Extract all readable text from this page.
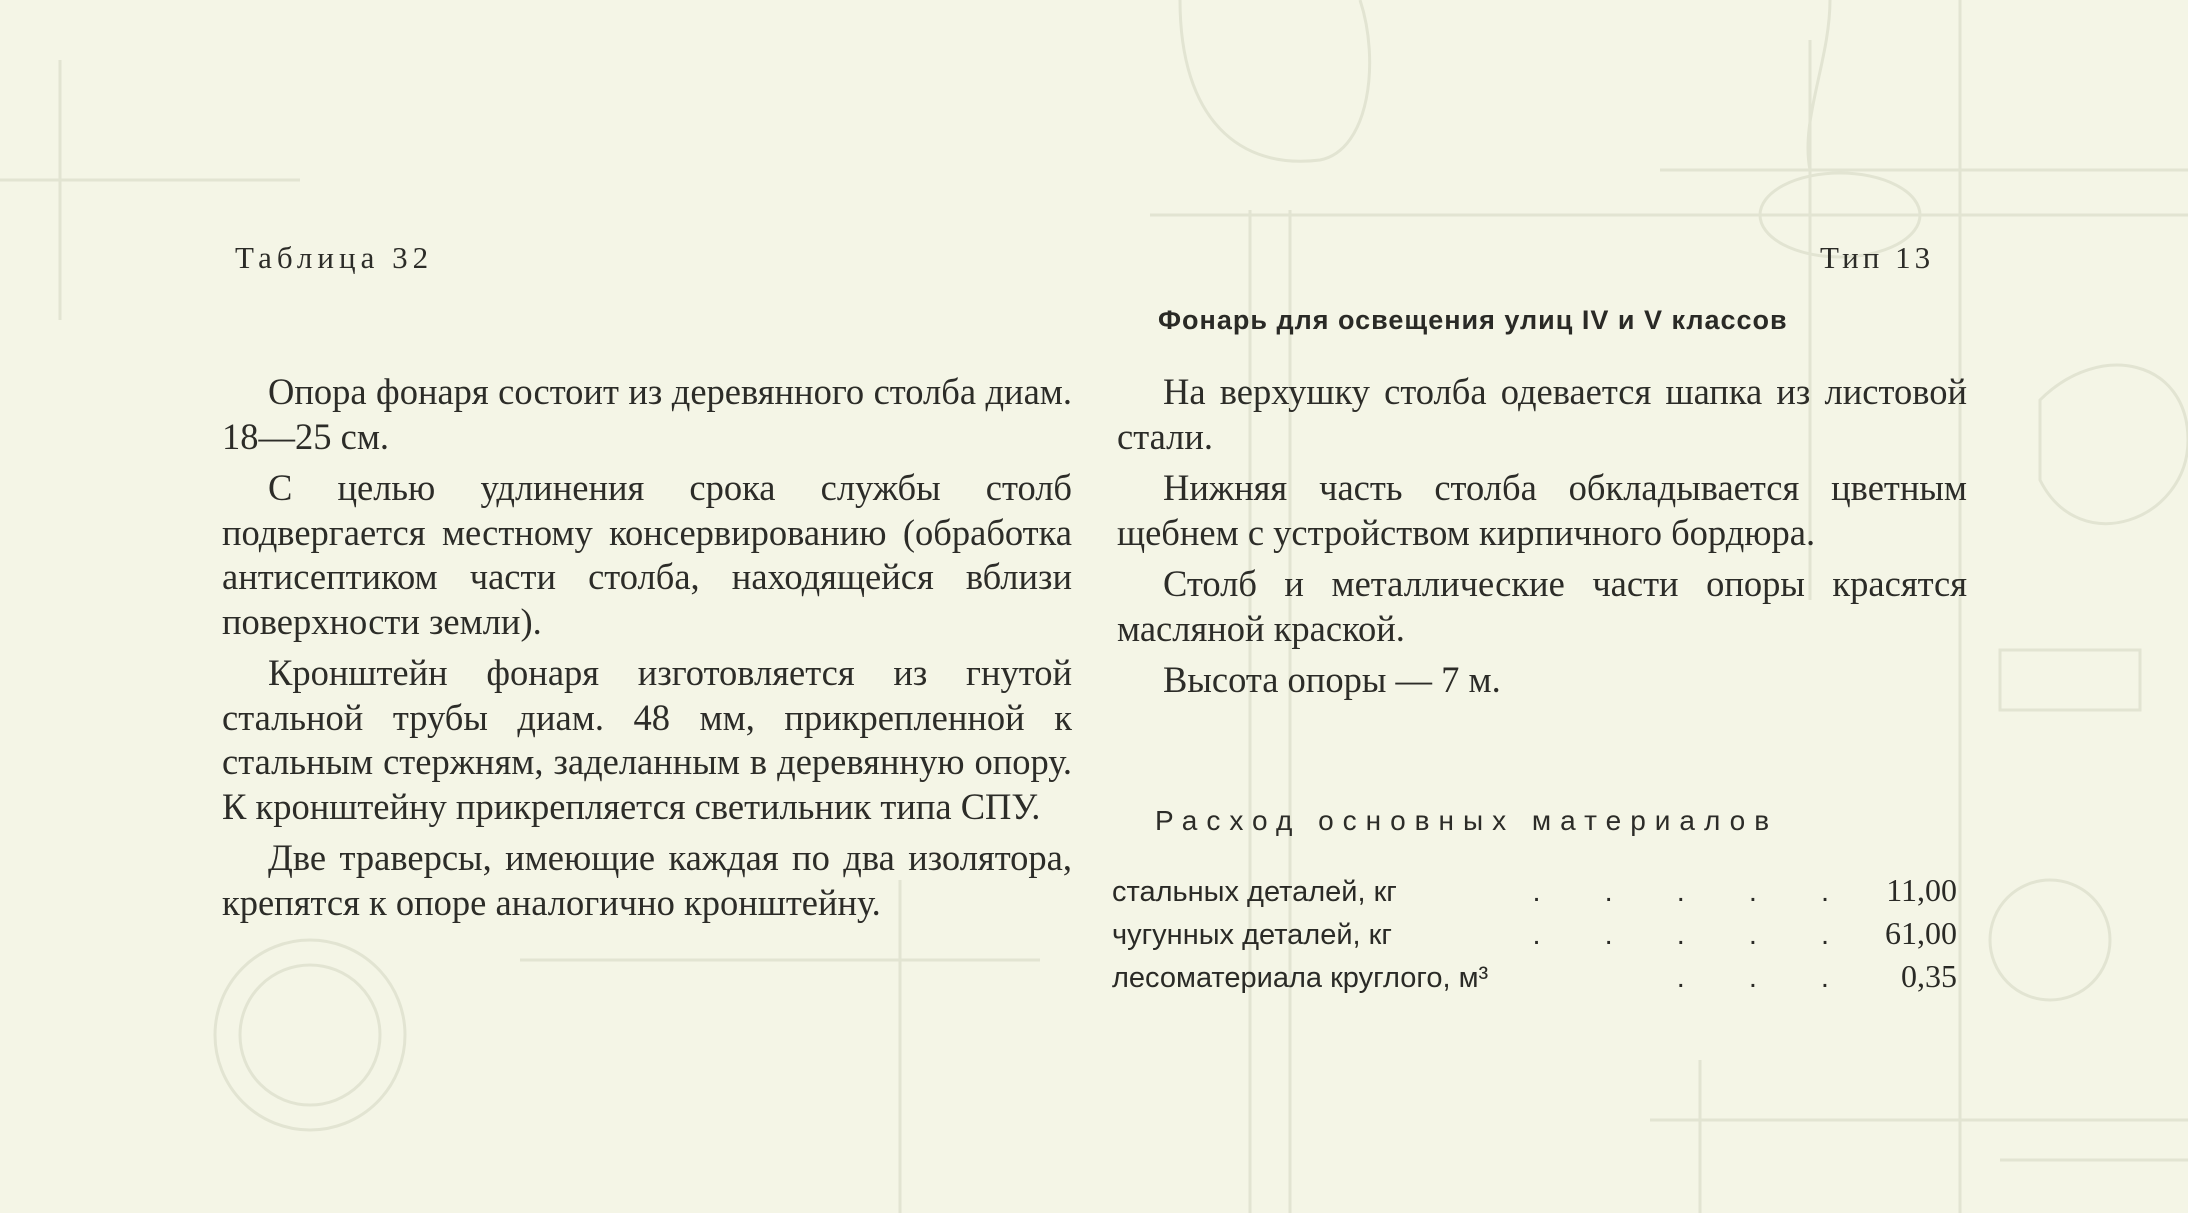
Таблица 32	Тип 13
Фонарь для освещения улиц IV и V классов

Опора фонаря состоит из деревянного столба диам. 18—25 см.

С целью удлинения срока службы столб подвергается местному консервированию (обработка антисептиком части столба, находящейся вблизи поверхности земли).

Кронштейн фонаря изготовляется из гнутой стальной трубы диам. 48 мм, прикрепленной к стальным стержням, заделанным в деревянную опору. К кронштейну прикрепляется светильник типа СПУ.

Две траверсы, имеющие каждая по два изолятора, крепятся к опоре аналогично кронштейну.

На верхушку столба одевается шапка из листовой стали.

Нижняя часть столба обкладывается цветным щебнем с устройством кирпичного бордюра.

Столб и металлические части опоры красятся масляной краской.

Высота опоры — 7 м.

Расход основных материалов
стальных деталей, кг	. . . . . 11,00
чугунных деталей, кг	. . . . . 61,00
лесоматериала круглого, м³	. . .	0,35
